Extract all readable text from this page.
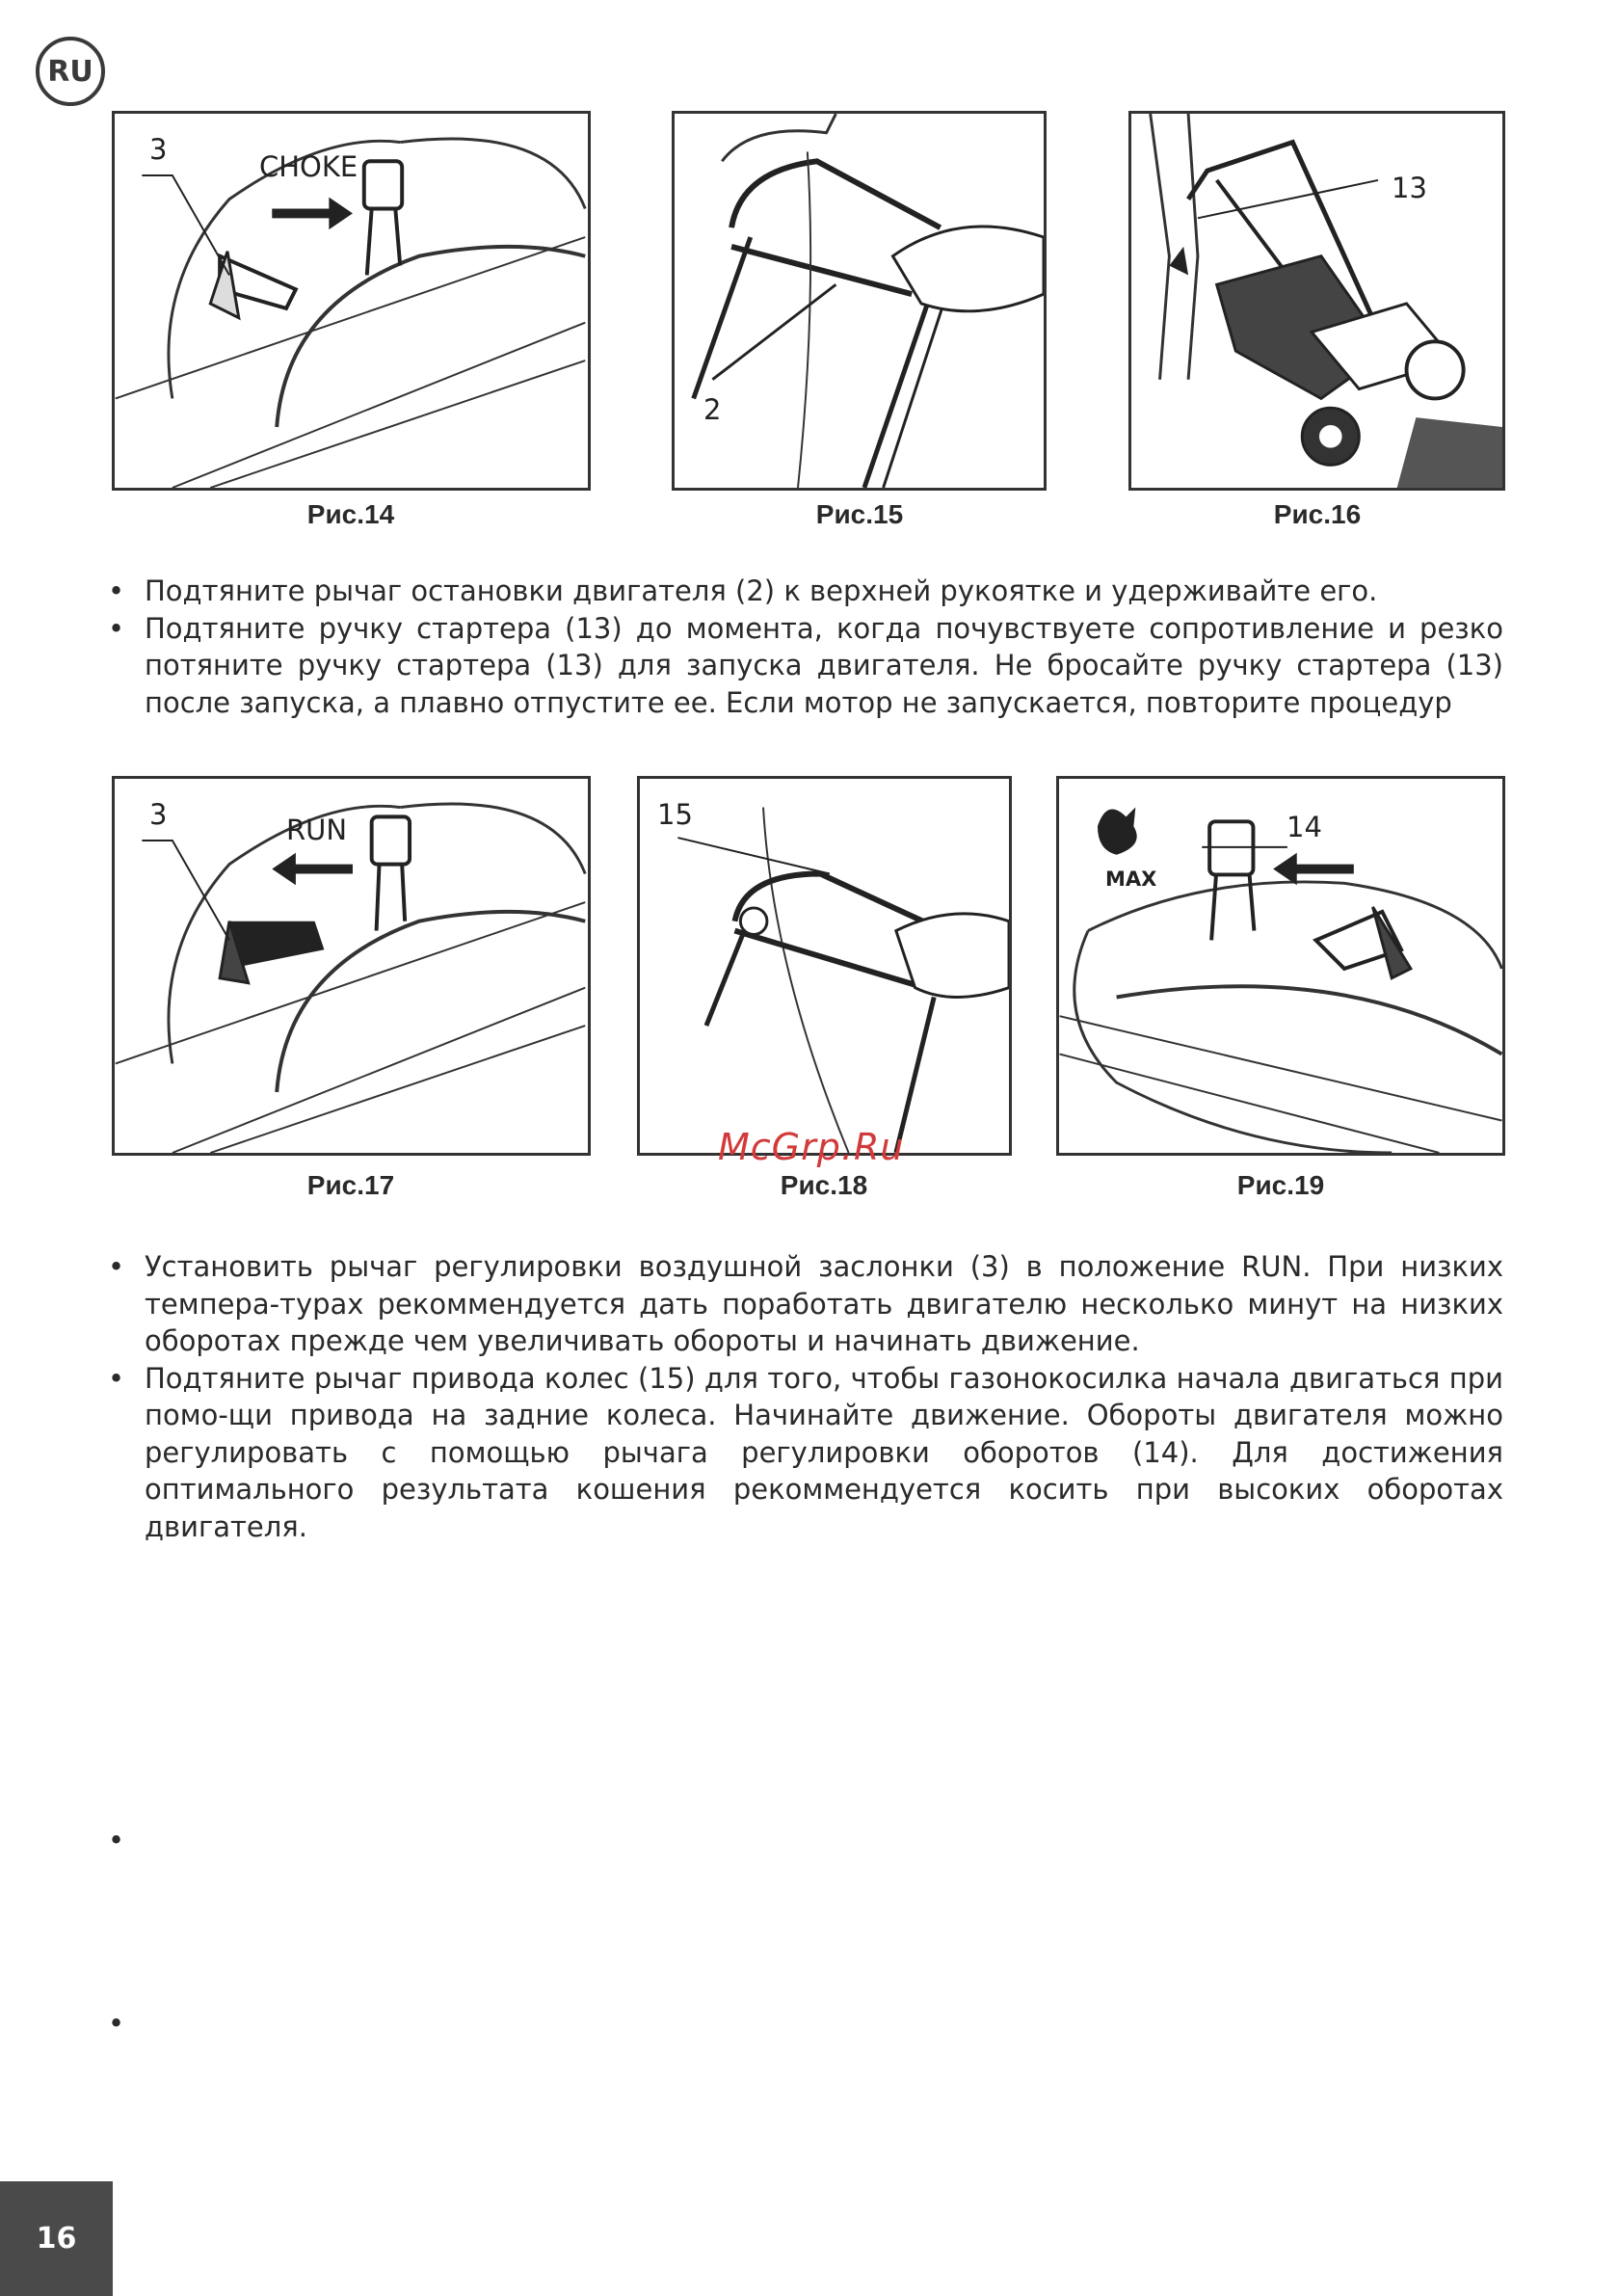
RU
3
CHOKE
Рис.14
2
Рис.15
13
Рис.16

• Подтяните рычаг остановки двигателя (2) к верхней рукоятке и удерживайте его.

• Подтяните ручку стартера (13) до момента, когда почувствуете сопротивление и резко потяните ручку стартера (13) для запуска двигателя. Не бросайте ручку стартера (13) после запуска, а плавно отпустите ее. Если мотор не запускается, повторите процедур

3	RUN
Рис.17
15
Рис.18
14
MAX
Рис.19
McGrp.Ru

• Установить рычаг регулировки воздушной заслонки (3) в положение RUN. При низких темпера-турах рекоммендуется дать поработать двигателю несколько минут на низких оборотах прежде чем увеличивать обороты и начинать движение.

• Подтяните рычаг привода колес (15) для того, чтобы газонокосилка начала двигаться при помо-щи привода на задние колеса. Начинайте движение. Обороты двигателя можно регулировать с помощью рычага регулировки оборотов (14). Для достижения оптимального результата кошения рекоммендуется косить при высоких оборотах двигателя.

•
•
16
